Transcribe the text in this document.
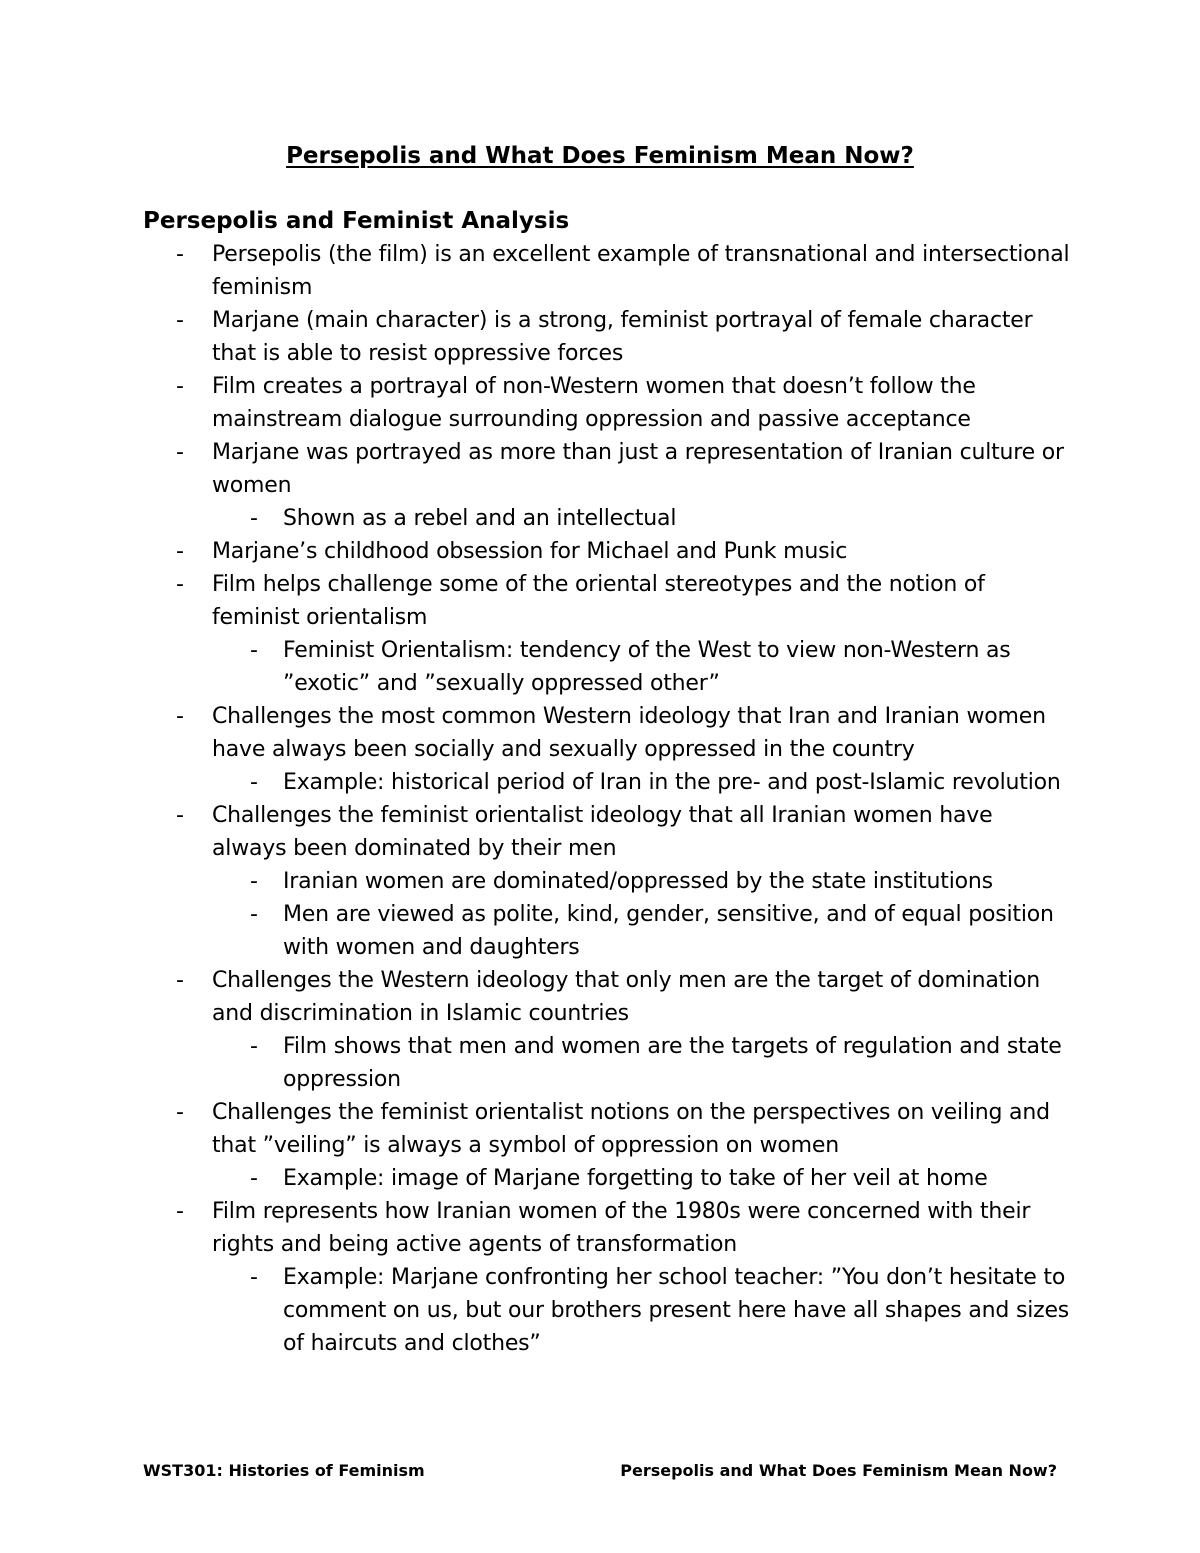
Persepolis and What Does Feminism Mean Now?
Persepolis and Feminist Analysis
- Persepolis (the film) is an excellent example of transnational and intersectional feminism
- Marjane (main character) is a strong, feminist portrayal of female character that is able to resist oppressive forces
- Film creates a portrayal of non-Western women that doesn’t follow the mainstream dialogue surrounding oppression and passive acceptance
- Marjane was portrayed as more than just a representation of Iranian culture or women
- Shown as a rebel and an intellectual
- Marjane’s childhood obsession for Michael and Punk music
- Film helps challenge some of the oriental stereotypes and the notion of feminist orientalism
- Feminist Orientalism: tendency of the West to view non-Western as ”exotic” and ”sexually oppressed other”
- Challenges the most common Western ideology that Iran and Iranian women have always been socially and sexually oppressed in the country
- Example: historical period of Iran in the pre- and post-Islamic revolution
- Challenges the feminist orientalist ideology that all Iranian women have always been dominated by their men
- Iranian women are dominated/oppressed by the state institutions
- Men are viewed as polite, kind, gender, sensitive, and of equal position with women and daughters
- Challenges the Western ideology that only men are the target of domination and discrimination in Islamic countries
- Film shows that men and women are the targets of regulation and state oppression
- Challenges the feminist orientalist notions on the perspectives on veiling and that ”veiling” is always a symbol of oppression on women
- Example: image of Marjane forgetting to take of her veil at home
- Film represents how Iranian women of the 1980s were concerned with their rights and being active agents of transformation
- Example: Marjane confronting her school teacher: ”You don’t hesitate to comment on us, but our brothers present here have all shapes and sizes of haircuts and clothes”
WST301: Histories of Feminism	Persepolis and What Does Feminism Mean Now?
